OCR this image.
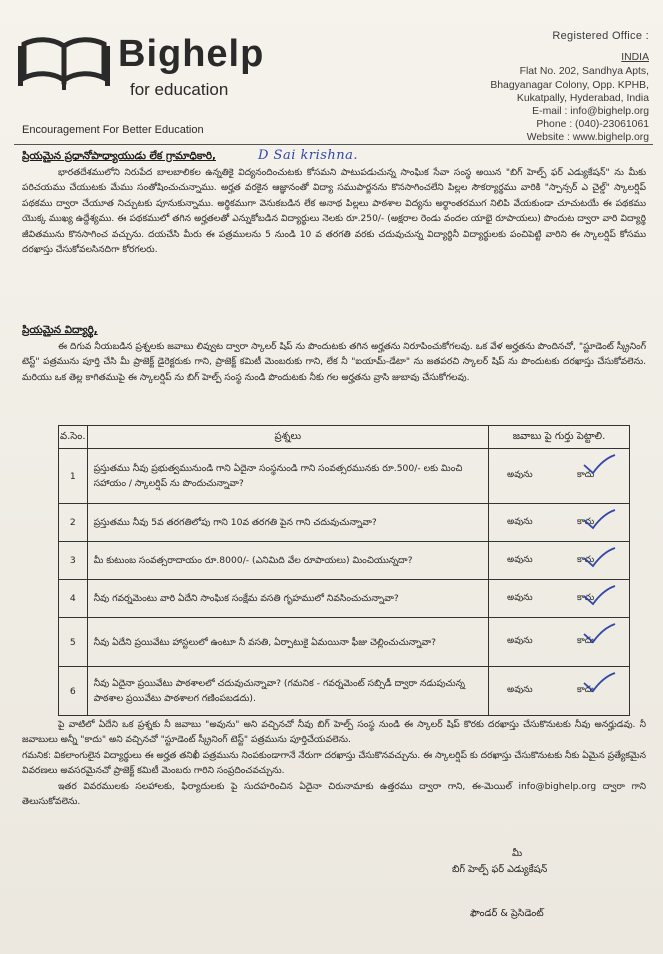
Bighelp
for education
Encouragement For Better Education
Registered Office :
INDIA
Flat No. 202, Sandhya Apts,
Bhagyanagar Colony, Opp. KPHB,
Kukatpally, Hyderabad, India
E-mail : info@bighelp.org
Phone : (040)-23061061
Website : www.bighelp.org
ప్రియమైన ప్రధానోపాధ్యాయుడు లేక గ్రామాధికారి,	D Sai krishna.

భారతదేశములోని నిరుపేద బాలబాలికల ఉన్నతికై విద్యనందించుటకు కోసమని పాటుపడుచున్న సాంఘిక సేవా సంస్థ అయిన "బిగ్ హెల్ప్ ఫర్ ఎడ్యుకేషన్" ను మీకు పరిచయము చేయుటకు మేము సంతోషించుచున్నాము. అర్హత వరకైన ఆజ్ఞానంతో విద్యా సముపార్జనను కొనసాగించలేని పిల్లల సౌకర్యార్థము వారికి "స్పాన్సర్ ఎ చైల్డ్" స్కాలర్షిప్ పథకము ద్వారా చేయూత నిచ్చుటకు పూనుకున్నాము. అర్థికముగా వెనుకబడిన లేక అనాథ పిల్లలు పాఠశాల విద్యను అర్థాంతరముగ నిలిపి వేయకుండా చూచుటయే ఈ పథకము యొక్క ముఖ్య ఉద్దేశ్యము. ఈ పథకములో తగిన అర్హతలతో ఎన్నుకోబడిన విద్యార్థులు నెలకు రూ.250/- (అక్షరాల రెండు వందల యాభై రూపాయలు) పొందుట ద్వారా వారి విద్యార్థి జీవితమును కొనసాగించ వచ్చును. దయచేసి మీరు ఈ పత్రములను 5 నుండి 10 వ తరగతి వరకు చదువుచున్న విద్యార్థినీ విద్యార్థులకు పంచిపెట్టి వారిని ఈ స్కాలర్షిప్ కోసము దరఖాస్తు చేసుకోవలసినదిగా కోరగలరు.

ప్రియమైన విద్యార్థి,

ఈ దిగువ నీయబడిన ప్రశ్నలకు జవాబు లివ్వుట ద్వారా స్కాలర్ షిప్ ను పొందుటకు తగిన అర్హతను నిరూపించుకోగలవు. ఒక వేళ అర్హతను పొందినచో, "స్టూడెంట్ స్క్రీనింగ్ టెస్ట్" పత్రమును పూర్తి చేసి మీ ప్రాజెక్ట్ డైరెక్టరుకు గాని, ప్రాజెక్ట్ కమిటీ మెంబరుకు గాని, లేక నీ "ఐయామ్-డేటా" ను జతపరచి స్కాలర్ షిప్ ను పొందుటకు దరఖాస్తు చేసుకోవలెను. మరియు ఒక తెల్ల కాగితముపై ఈ స్కాలర్షిప్ ను బిగ్ హెల్ప్ సంస్థ నుండి పొందుటకు నీకు గల అర్హతను వ్రాసి జుబావు చేసుకోగలవు.

వ.సెం.	ప్రశ్నలు	జవాబు పై గుర్తు పెట్టాలి.
1	ప్రస్తుతము నీవు ప్రభుత్వమునుండి గాని ఏదైనా సంస్థనుండి గాని సంవత్సరమునకు రూ.500/- లకు మించి సహాయం / స్కాలర్షిప్ ను పొందుచున్నావా?	అవును కాదు

2	ప్రస్తుతము నీవు 5వ తరగతిలోపు గాని 10వ తరగతి పైన గాని చదువుచున్నావా?	అవును కాదు

3	మీ కుటుంబ సంవత్సరాదాయం రూ.8000/- (ఎనిమిది వేల రూపాయలు) మించియున్నదా?	అవును కాదు

4	నీవు గవర్నమెంటు వారి ఏదేని సాంఘిక సంక్షేమ వసతి గృహములో నివసించుచున్నావా?	అవును కాదు

5	నీవు ఏదేని ప్రయివేటు హాస్టలులో ఉంటూ నీ వసతి, ఏర్పాటుకై ఏమయినా ఫీజు చెల్లించుచున్నావా?	అవును కాదు

6	నీవు ఏదైనా ప్రయివేటు పాఠశాలలో చదువుచున్నావా? (గమనిక - గవర్నమెంట్ సబ్సిడీ ద్వారా నడుపుచున్న పాఠశాల ప్రయివేటు పాఠశాలగ గణింపబడదు).	అవును కాదు

పై వాటిలో ఏదేని ఒక ప్రశ్నకు నీ జవాబు "అవును" అని వచ్చినచో నీవు బిగ్ హెల్ప్ సంస్థ నుండి ఈ స్కాలర్ షిప్ కొరకు దరఖాస్తు చేసుకొనుటకు నీవు అనర్హుడవు. నీ జవాబులు అన్నీ "కాదు" అని వచ్చినచో "స్టూడెంట్ స్క్రీనింగ్ టెస్ట్" పత్రమును పూర్తిచేయవలెను.

గమనిక: వికలాంగులైన విద్యార్థులు ఈ అర్హత తనిఖీ పత్రమును నింపకుండాగానే నేరుగా దరఖాస్తు చేసుకొనవచ్చును. ఈ స్కాలర్షిప్ కు దరఖాస్తు చేసుకొనుటకు నీకు ఏమైన ప్రత్యేకమైన వివరణలు అవసరమైనచో ప్రాజెక్ట్ కమిటీ మెంబరు గారిని సంప్రదించవచ్చును.

ఇతర వివరములకు సలహాలకు, ఫిర్యాదులకు పై సుదహరించిన ఏదైనా చిరునామాకు ఉత్తరము ద్వారా గాని, ఈ-మెయిల్ info@bighelp.org ద్వారా గాని తెలుసుకోవలెను.

మీ
బిగ్ హెల్ప్ ఫర్ ఎడ్యుకేషన్
ఫౌండర్ & ప్రెసిడెంట్
